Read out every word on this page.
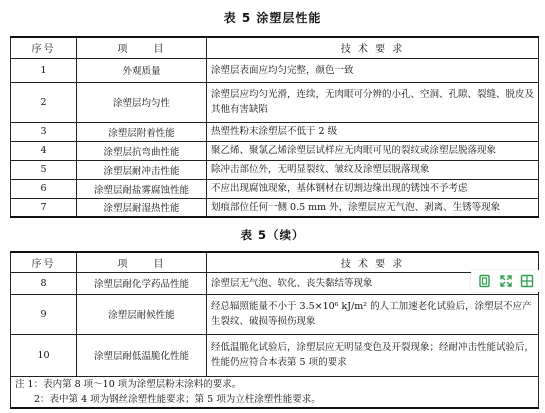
表 5 涂塑层性能
序号	项　　目	技 术 要 求
1	外观质量	涂塑层表面应均匀完整，颜色一致
2	涂塑层均匀性	涂塑层应均匀光滑，连续，无肉眼可分辨的小孔、空洞、孔隙、裂缝、脱皮及其他有害缺陷
3	涂塑层附着性能	热塑性粉末涂塑层不低于 2 级
4	涂塑层抗弯曲性能	聚乙烯、聚氯乙烯涂塑层试样应无肉眼可见的裂纹或涂塑层脱落现象
5	涂塑层耐冲击性能	除冲击部位外，无明显裂纹、皱纹及涂塑层脱落现象
6	涂塑层耐盐雾腐蚀性能	不应出现腐蚀现象，基体钢材在切割边缘出现的锈蚀不予考虑
7	涂塑层耐湿热性能	划痕部位任何一侧 0.5 mm 外，涂塑层应无气泡、剥离、生锈等现象
表 5（续）
序号	项　　目	技 术 要 求
8	涂塑层耐化学药品性能	涂塑层无气泡、软化、丧失黏结等现象
9	涂塑层耐候性能	经总辐照能量不小于 3.5×10⁶ kJ/m² 的人工加速老化试验后，涂塑层不应产生裂纹、破损等损伤现象
10	涂塑层耐低温脆化性能	经低温脆化试验后，涂塑层应无明显变色及开裂现象；经耐冲击性能试验后，性能仍应符合本表第 5 项的要求

注 1：表内第 8 项～10 项为涂塑层粉末涂料的要求。
　　2：表中第 4 项为钢丝涂塑性能要求；第 5 项为立柱涂塑性能要求。		
